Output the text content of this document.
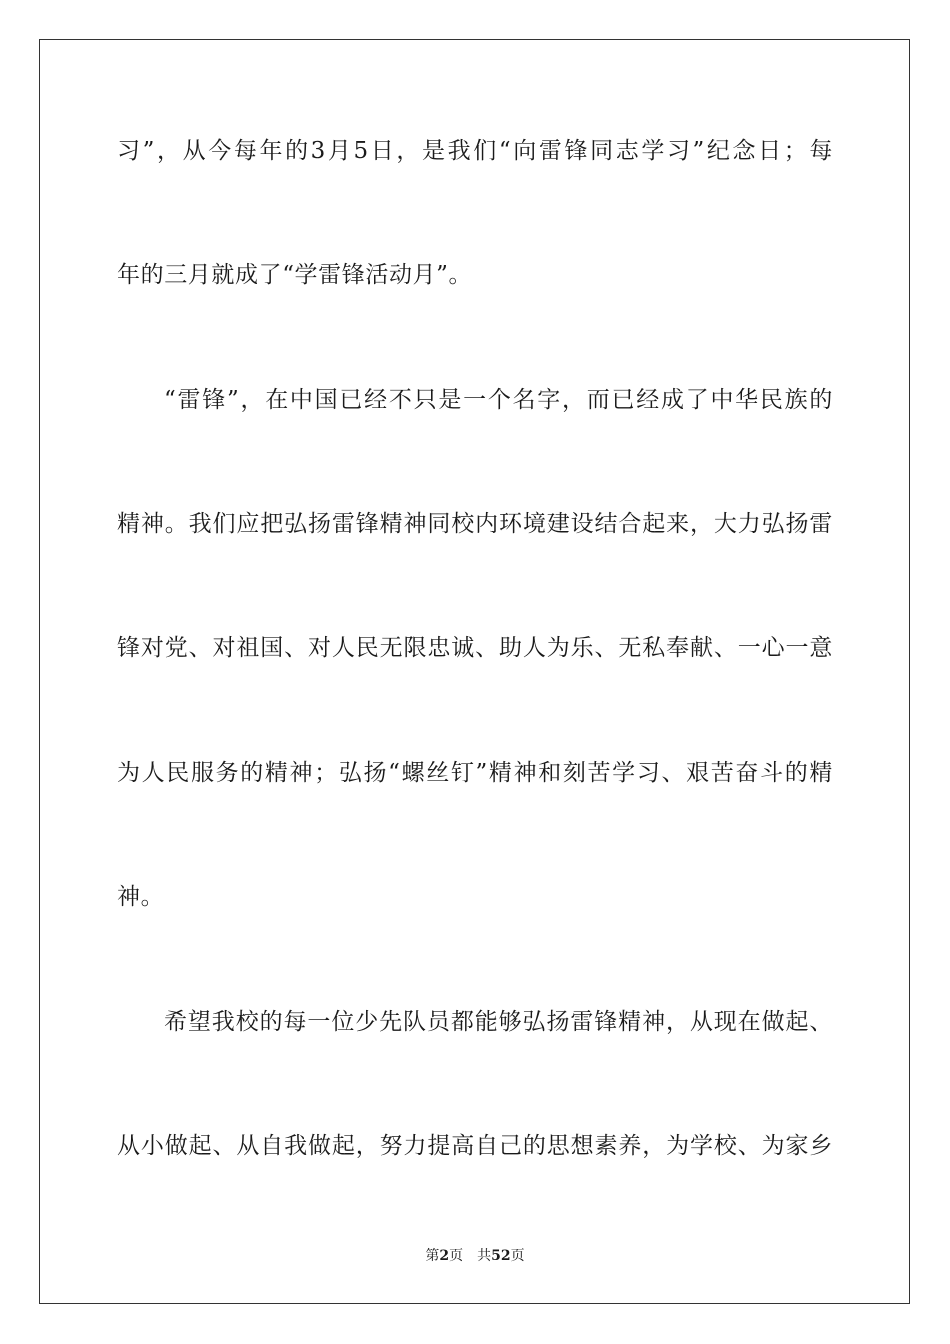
习”，从今每年的3月5日，是我们“向雷锋同志学习”纪念日；每
年的三月就成了“学雷锋活动月”。
“雷锋”，在中国已经不只是一个名字，而已经成了中华民族的
精神。我们应把弘扬雷锋精神同校内环境建设结合起来，大力弘扬雷
锋对党、对祖国、对人民无限忠诚、助人为乐、无私奉献、一心一意
为人民服务的精神；弘扬“螺丝钉”精神和刻苦学习、艰苦奋斗的精
神。
希望我校的每一位少先队员都能够弘扬雷锋精神，从现在做起、
从小做起、从自我做起，努力提高自己的思想素养，为学校、为家乡
第2页 共52页
